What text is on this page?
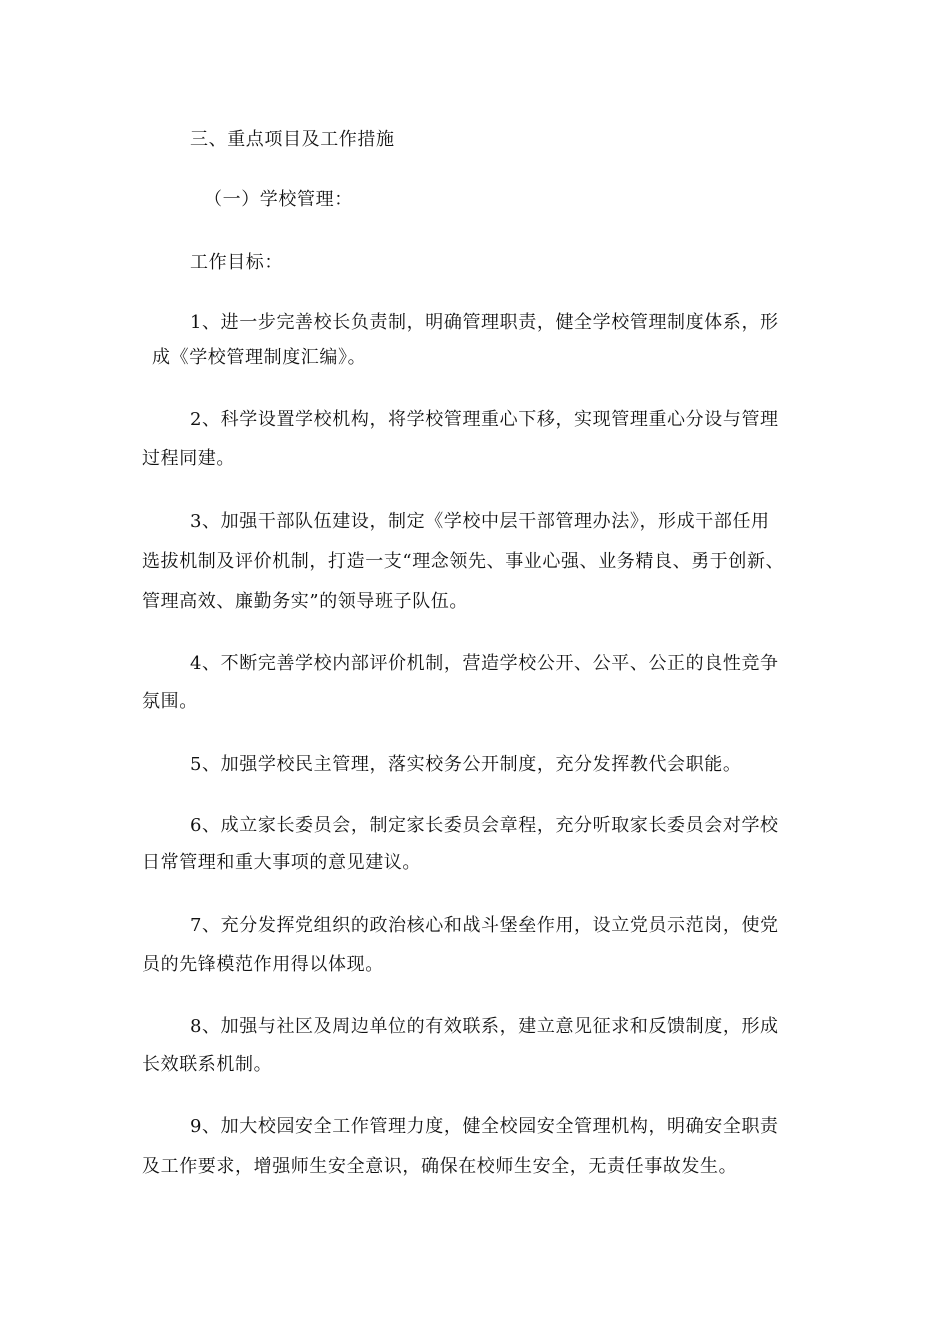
三、重点项目及工作措施
（一）学校管理：
工作目标：
1、进一步完善校长负责制，明确管理职责，健全学校管理制度体系，形
成《学校管理制度汇编》。
2、科学设置学校机构，将学校管理重心下移，实现管理重心分设与管理
过程同建。
3、加强干部队伍建设，制定《学校中层干部管理办法》，形成干部任用
选拔机制及评价机制，打造一支“理念领先、事业心强、业务精良、勇于创新、
管理高效、廉勤务实”的领导班子队伍。
4、不断完善学校内部评价机制，营造学校公开、公平、公正的良性竞争
氛围。
5、加强学校民主管理，落实校务公开制度，充分发挥教代会职能。
6、成立家长委员会，制定家长委员会章程，充分听取家长委员会对学校
日常管理和重大事项的意见建议。
7、充分发挥党组织的政治核心和战斗堡垒作用，设立党员示范岗，使党
员的先锋模范作用得以体现。
8、加强与社区及周边单位的有效联系，建立意见征求和反馈制度，形成
长效联系机制。
9、加大校园安全工作管理力度，健全校园安全管理机构，明确安全职责
及工作要求，增强师生安全意识，确保在校师生安全，无责任事故发生。
